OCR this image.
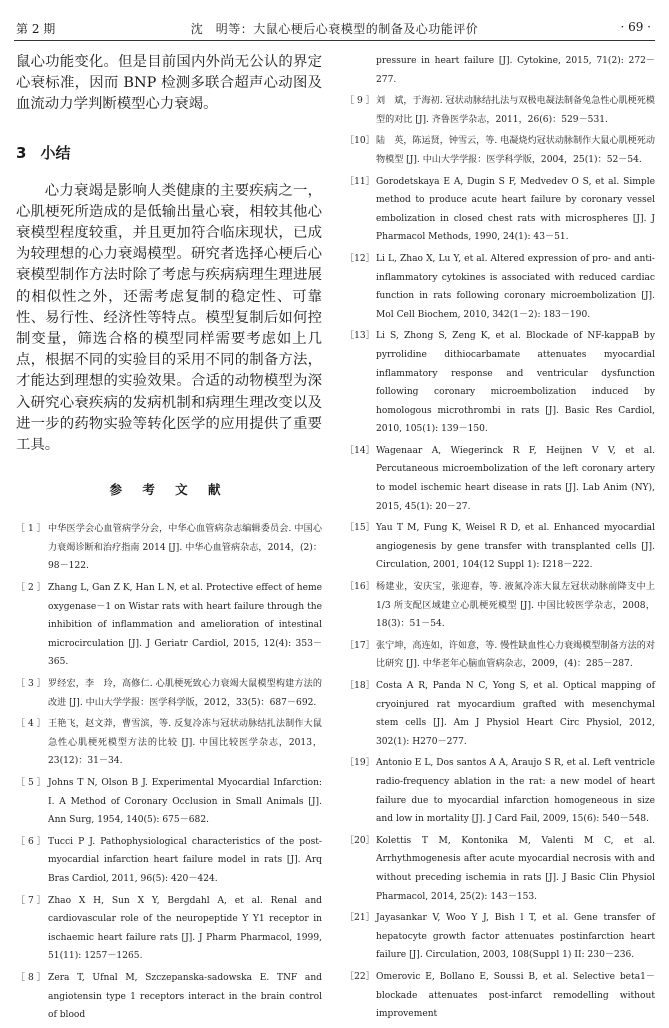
第 2 期	沈　明等：大鼠心梗后心衰模型的制备及心功能评价	· 69 ·

鼠心功能变化。但是目前国内外尚无公认的界定心衰标准，因而 BNP 检测多联合超声心动图及血流动力学判断模型心力衰竭。

3 小结

心力衰竭是影响人类健康的主要疾病之一，心肌梗死所造成的是低输出量心衰，相较其他心衰模型程度较重，并且更加符合临床现状，已成为较理想的心力衰竭模型。研究者选择心梗后心衰模型制作方法时除了考虑与疾病病理生理进展的相似性之外，还需考虑复制的稳定性、可靠性、易行性、经济性等特点。模型复制后如何控制变量，筛选合格的模型同样需要考虑如上几点，根据不同的实验目的采用不同的制备方法，才能达到理想的实验效果。合适的动物模型为深入研究心衰疾病的发病机制和病理生理改变以及进一步的药物实验等转化医学的应用提供了重要工具。

参 考 文 献
［ 1 ］ 中华医学会心血管病学分会，中华心血管病杂志编辑委员会. 中国心力衰竭诊断和治疗指南 2014 [J]. 中华心血管病杂志，2014，(2)：98－122.
［ 2 ］ Zhang L, Gan Z K, Han L N, et al. Protective effect of heme oxygenase－1 on Wistar rats with heart failure through the inhibition of inflammation and amelioration of intestinal microcirculation [J]. J Geriatr Cardiol, 2015, 12(4): 353－365.
［ 3 ］ 罗经宏，李　玲，高修仁. 心肌梗死致心力衰竭大鼠模型构建方法的改进 [J]. 中山大学学报：医学科学版，2012，33(5)：687－692.
［ 4 ］ 王艳飞，赵文莽，曹雪滨，等. 反复冷冻与冠状动脉结扎法制作大鼠急性心肌梗死模型方法的比较 [J]. 中国比较医学杂志，2013，23(12)：31－34.
［ 5 ］ Johns T N, Olson B J. Experimental Myocardial Infarction: I. A Method of Coronary Occlusion in Small Animals [J]. Ann Surg, 1954, 140(5): 675－682.
［ 6 ］ Tucci P J. Pathophysiological characteristics of the post-myocardial infarction heart failure model in rats [J]. Arq Bras Cardiol, 2011, 96(5): 420－424.
［ 7 ］ Zhao X H, Sun X Y, Bergdahl A, et al. Renal and cardiovascular role of the neuropeptide Y Y1 receptor in ischaemic heart failure rats [J]. J Pharm Pharmacol, 1999, 51(11): 1257－1265.
［ 8 ］ Zera T, Ufnal M, Szczepanska-sadowska E. TNF and angiotensin type 1 receptors interact in the brain control of blood
pressure in heart failure [J]. Cytokine, 2015, 71(2): 272－277.
［ 9 ］ 刘　斌，于海初. 冠状动脉结扎法与双极电凝法制备兔急性心肌梗死模型的对比 [J]. 齐鲁医学杂志，2011，26(6)：529－531.
［10］ 陆　英，陈运贤，钟雪云，等. 电凝烧灼冠状动脉制作大鼠心肌梗死动物模型 [J]. 中山大学学报：医学科学版，2004，25(1)：52－54.
［11］ Gorodetskaya E A, Dugin S F, Medvedev O S, et al. Simple method to produce acute heart failure by coronary vessel embolization in closed chest rats with microspheres [J]. J Pharmacol Methods, 1990, 24(1): 43－51.
［12］ Li L, Zhao X, Lu Y, et al. Altered expression of pro- and anti-inflammatory cytokines is associated with reduced cardiac function in rats following coronary microembolization [J]. Mol Cell Biochem, 2010, 342(1－2): 183－190.
［13］ Li S, Zhong S, Zeng K, et al. Blockade of NF-kappaB by pyrrolidine dithiocarbamate attenuates myocardial inflammatory response and ventricular dysfunction following coronary microembolization induced by homologous microthrombi in rats [J]. Basic Res Cardiol, 2010, 105(1): 139－150.
［14］ Wagenaar A, Wiegerinck R F, Heijnen V V, et al. Percutaneous microembolization of the left coronary artery to model ischemic heart disease in rats [J]. Lab Anim (NY), 2015, 45(1): 20－27.
［15］ Yau T M, Fung K, Weisel R D, et al. Enhanced myocardial angiogenesis by gene transfer with transplanted cells [J]. Circulation, 2001, 104(12 Suppl 1): I218－222.
［16］ 杨建业，安庆宝，张迎春，等. 液氮冷冻大鼠左冠状动脉前降支中上 1/3 所支配区域建立心肌梗死模型 [J]. 中国比较医学杂志，2008，18(3)：51－54.
［17］ 张宁坤，高连如，许如意，等. 慢性缺血性心力衰竭模型制备方法的对比研究 [J]. 中华老年心脑血管病杂志，2009，(4)：285－287.
［18］ Costa A R, Panda N C, Yong S, et al. Optical mapping of cryoinjured rat myocardium grafted with mesenchymal stem cells [J]. Am J Physiol Heart Circ Physiol, 2012, 302(1): H270－277.
［19］ Antonio E L, Dos santos A A, Araujo S R, et al. Left ventricle radio-frequency ablation in the rat: a new model of heart failure due to myocardial infarction homogeneous in size and low in mortality [J]. J Card Fail, 2009, 15(6): 540－548.
［20］ Kolettis T M, Kontonika M, Valenti M C, et al. Arrhythmogenesis after acute myocardial necrosis with and without preceding ischemia in rats [J]. J Basic Clin Physiol Pharmacol, 2014, 25(2): 143－153.
［21］ Jayasankar V, Woo Y J, Bish l T, et al. Gene transfer of hepatocyte growth factor attenuates postinfarction heart failure [J]. Circulation, 2003, 108(Suppl 1) II: 230－236.
［22］ Omerovic E, Bollano E, Soussi B, et al. Selective beta1－blockade attenuates post-infarct remodelling without improvement
